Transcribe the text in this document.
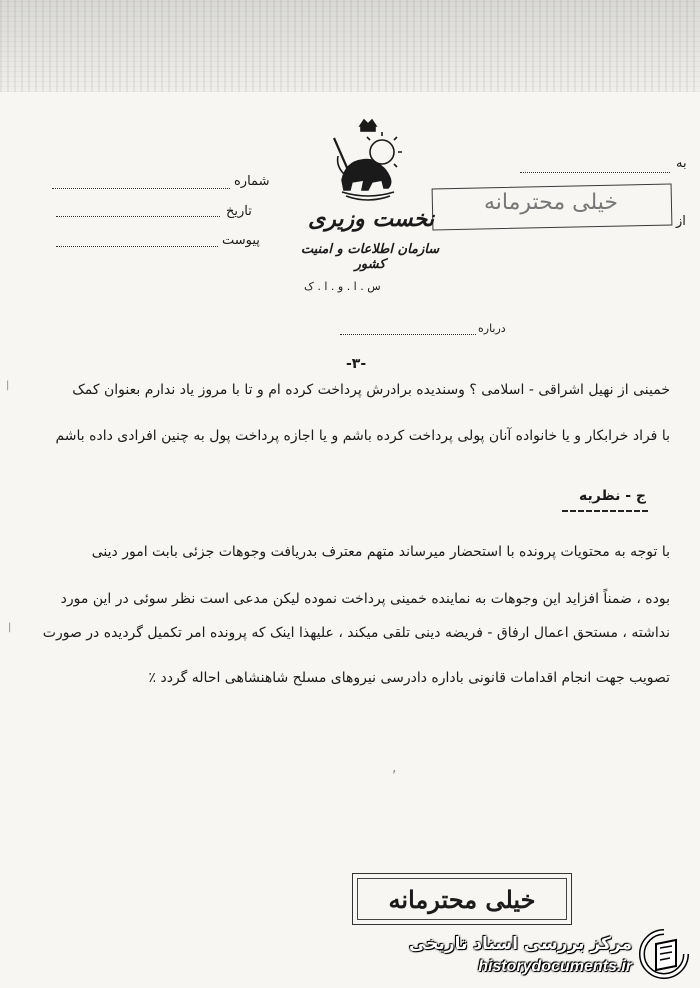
به
از
شماره
تاریخ
پیوست
خیلی محترمانه
نخست وزیری
سازمان اطلاعات و امنیت کشور
س . ا . و . ا . ک
درباره
-۳-
خمینی از نهیل اشراقی - اسلامی ؟ وسندیده برادرش پرداخت کرده ام و تا با مروز یاد ندارم بعنوان کمک
با فراد خرابکار و یا خانواده آنان پولی پرداخت کرده باشم و یا اجازه پرداخت پول به چنین افرادی داده باشم
ج - نظریه
با توجه به محتویات پرونده با استحضار میرساند متهم معترف بدریافت وجوهات جزئی بابت امور دینی
بوده ، ضمناً افزاید این وجوهات به نماینده خمینی پرداخت نموده لیکن مدعی است نظر سوئی در این مورد
نداشته ، مستحق اعمال ارفاق - فریضه دینی تلقی میکند ، علیهذا اینک که پرونده امر تکمیل گردیده در صورت
تصویب جهت انجام اقدامات قانونی باداره دادرسی نیروهای مسلح شاهنشاهی احاله گردد ٪
|
|
,
خیلی محترمانه
مرکز بررسی اسناد تاریخی
historydocuments.ir
